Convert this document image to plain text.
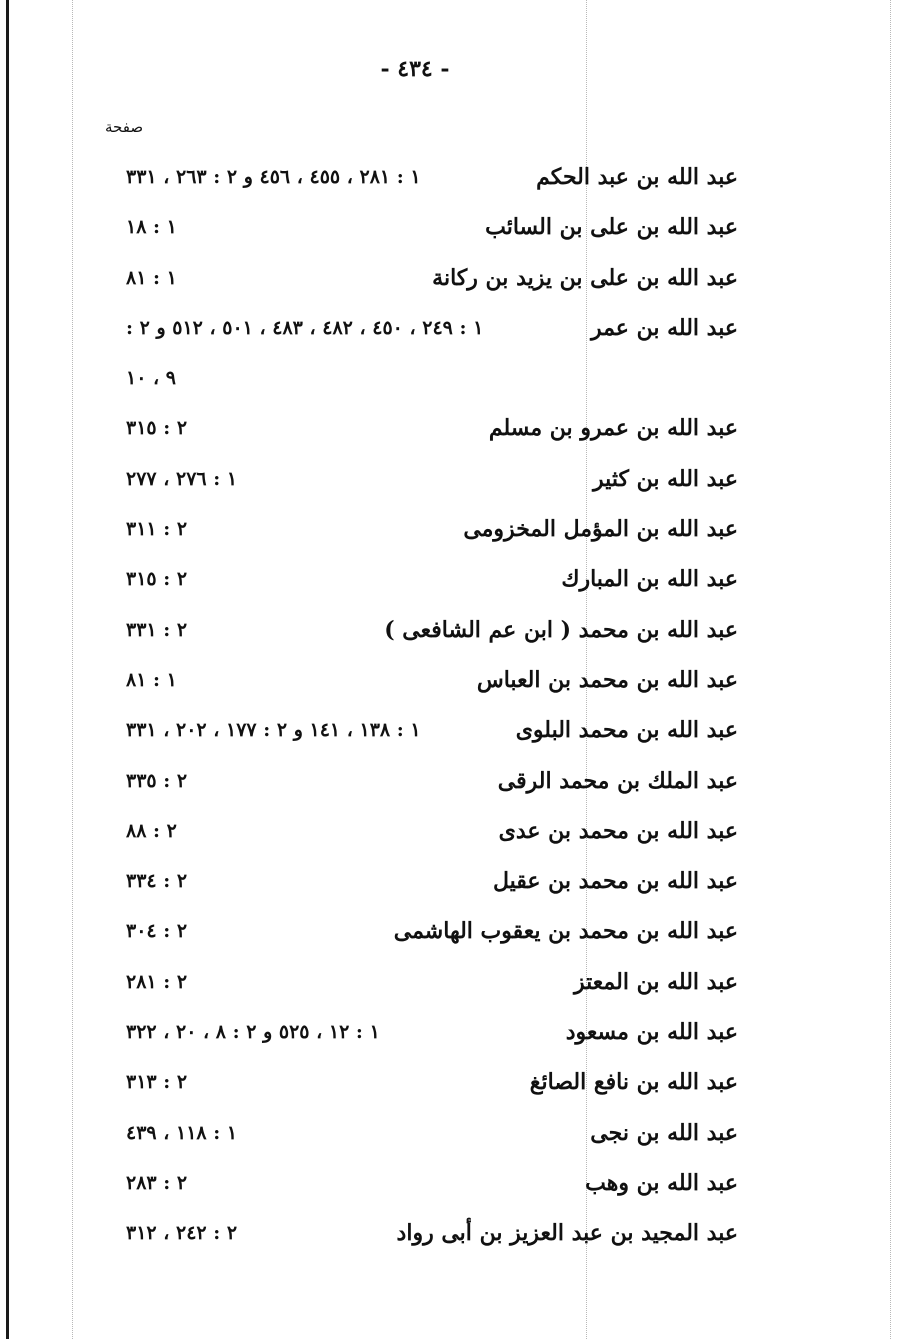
- ٤٣٤ -
صفحة
عبد الله بن عبد الحكم
١ : ٢٨١ ، ٤٥٥ ، ٤٥٦ و ٢ : ٢٦٣ ، ٣٣١
عبد الله بن على بن السائب
١ : ١٨
عبد الله بن على بن يزيد بن ركانة
١ : ٨١
عبد الله بن عمر
١ : ٢٤٩ ، ٤٥٠ ، ٤٨٢ ، ٤٨٣ ، ٥٠١ ، ٥١٢ و ٢ :
٩ ، ١٠
عبد الله بن عمرو بن مسلم
٢ : ٣١٥
عبد الله بن كثير
١ : ٢٧٦ ، ٢٧٧
عبد الله بن المؤمل المخزومى
٢ : ٣١١
عبد الله بن المبارك
٢ : ٣١٥
عبد الله بن محمد ( ابن عم الشافعى )
٢ : ٣٣١
عبد الله بن محمد بن العباس
١ : ٨١
عبد الله بن محمد البلوى
١ : ١٣٨ ، ١٤١ و ٢ : ١٧٧ ، ٢٠٢ ، ٣٣١
عبد الملك بن محمد الرقى
٢ : ٣٣٥
عبد الله بن محمد بن عدى
٢ : ٨٨
عبد الله بن محمد بن عقيل
٢ : ٣٣٤
عبد الله بن محمد بن يعقوب الهاشمى
٢ : ٣٠٤
عبد الله بن المعتز
٢ : ٢٨١
عبد الله بن مسعود
١ : ١٢ ، ٥٢٥ و ٢ : ٨ ، ٢٠ ، ٣٢٢
عبد الله بن نافع الصائغ
٢ : ٣١٣
عبد الله بن نجى
١ : ١١٨ ، ٤٣٩
عبد الله بن وهب
٢ : ٢٨٣
عبد المجيد بن عبد العزيز بن أبى رواد
٢ : ٢٤٢ ، ٣١٢
